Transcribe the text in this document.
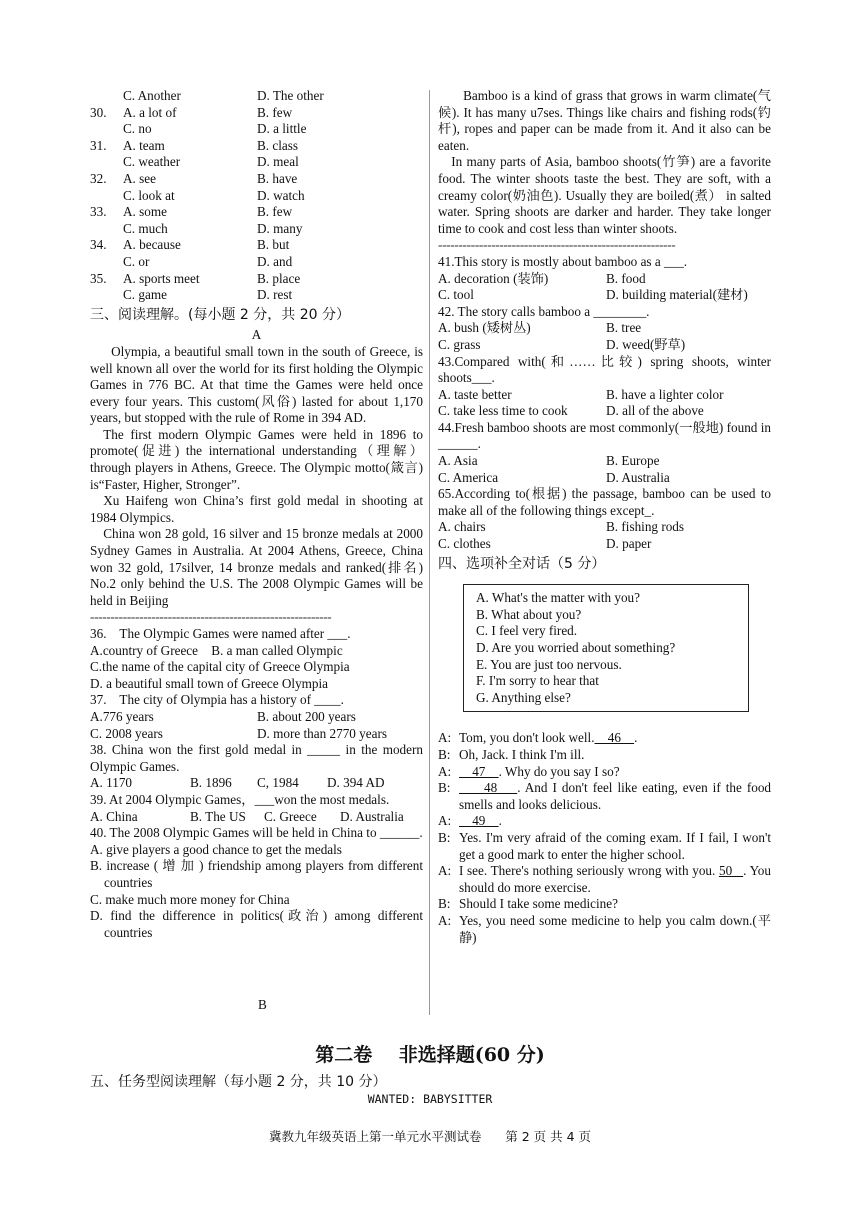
C. Another	D. The other
30.	A. a lot of	B. few
C. no	D. a little
31.	A. team	B. class
C. weather	D. meal
32.	A. see	B. have
C. look at	D. watch
33.	A. some	B. few
C. much	D. many
34.	A. because	B. but
C. or	D. and
35.	A. sports meet	B. place
C. game	D. rest
三、阅读理解。(每小题 2 分，共 20 分）
A
Olympia, a beautiful small town in the south of Greece, is well known all over the world for its first holding the Olympic Games in 776 BC. At that time the Games were held once every four years. This custom(风俗) lasted for about 1,170 years, but stopped with the rule of Rome in 394 AD.
The first modern Olympic Games were held in 1896 to promote(促进) the international understanding（理解） through players in Athens, Greece. The Olympic motto(箴言) is“Faster, Higher, Stronger”.
Xu Haifeng won China’s first gold medal in shooting at 1984 Olympics.
China won 28 gold, 16 silver and 15 bronze medals at 2000 Sydney Games in Australia. At 2004 Athens, Greece, China won 32 gold, 17silver, 14 bronze medals and ranked(排名) No.2 only behind the U.S. The 2008 Olympic Games will be held in Beijing
-----------------------------------------------------------
36.    The Olympic Games were named after ___.
A.country of Greece    B. a man called Olympic
C.the name of the capital city of Greece Olympia
D. a beautiful small town of Greece Olympia
37.    The city of Olympia has a history of ____.
A.776 years	B. about 200 years
C. 2008 years	D. more than 2770 years
38. China won the first gold medal in _____ in the modern Olympic Games.
A. 1170	B. 1896	C, 1984	D. 394 AD
39. At 2004 Olympic Games，___won the most medals.
A. China	B. The US	C. Greece	D. Australia
40. The 2008 Olympic Games will be held in China to ______.
A. give players a good chance to get the medals
B. increase ( 增 加 ) friendship among players from different countries
C. make much more money for China
D. find the difference in politics(政治) among different countries
B
Bamboo is a kind of grass that grows in warm climate(气候). It has many u7ses. Things like chairs and fishing rods(钓杆), ropes and paper can be made from it. And it also can be eaten.
In many parts of Asia, bamboo shoots(竹笋) are a favorite food. The winter shoots taste the best. They are soft, with a creamy color(奶油色). Usually they are boiled(煮） in salted water. Spring shoots are darker and harder. They take longer time to cook and cost less than winter shoots.
----------------------------------------------------------
41.This story is mostly about bamboo as a ___.
A. decoration (装饰)	B. food
C. tool	D. building material(建材)
42. The story calls bamboo a ________.
A. bush (矮树丛)	B. tree
C. grass	D. weed(野草)
43.Compared with(和……比较) spring shoots, winter shoots___.
A. taste better	B. have a lighter color
C. take less time to cook	D. all of the above
44.Fresh bamboo shoots are most commonly(一般地) found in ______.
A. Asia	B. Europe
C. America	D. Australia
65.According to(根据) the passage, bamboo can be used to make all of the following things except_.
A. chairs	B. fishing rods
C. clothes	D. paper
四、选项补全对话（5 分）
A. What's the matter with you?
B. What about you?
C. I feel very fired.
D. Are you worried about something?
E. You are just too nervous.
F. I'm sorry to hear that
G. Anything else?
A: Tom, you don't look well.    46    .
B: Oh, Jack. I think I'm ill.
A: 47    . Why do you say I so?
B: 48    . And I don't feel like eating, even if the food smells and looks delicious.
A: 49    .
B: Yes. I'm very afraid of the coming exam. If I fail, I won't get a good mark to enter the higher school.
A: I see. There's nothing seriously wrong with you. 50   . You should do more exercise.
B: Should I take some medicine?
A: Yes, you need some medicine to help you calm down.(平静)
第二卷    非选择题(60 分)
五、任务型阅读理解（每小题 2 分，共 10 分）
WANTED: BABYSITTER
冀教九年级英语上第一单元水平测试卷      第 2 页 共 4 页
